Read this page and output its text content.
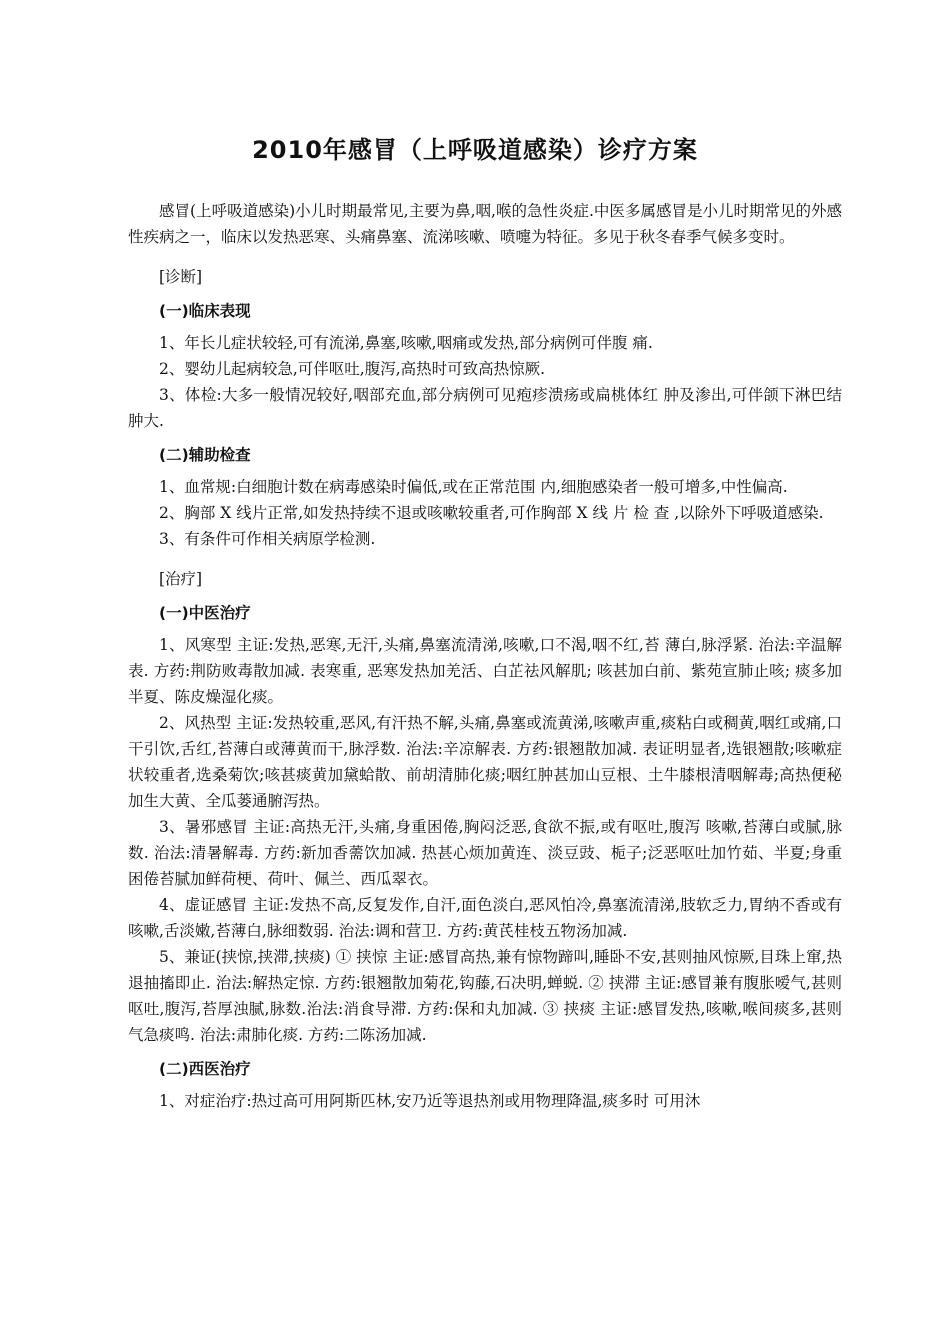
2010年感冒（上呼吸道感染）诊疗方案

感冒(上呼吸道感染)小儿时期最常见,主要为鼻,咽,喉的急性炎症.中医多属感冒是小儿时期常见的外感性疾病之一，临床以发热恶寒、头痛鼻塞、流涕咳嗽、喷嚏为特征。多见于秋冬春季气候多变时。

[诊断]

(一)临床表现

1、年长儿症状较轻,可有流涕,鼻塞,咳嗽,咽痛或发热,部分病例可伴腹 痛.

2、婴幼儿起病较急,可伴呕吐,腹泻,高热时可致高热惊厥.

3、体检:大多一般情况较好,咽部充血,部分病例可见疱疹溃疡或扁桃体红 肿及渗出,可伴颌下淋巴结肿大.

(二)辅助检查

1、血常规:白细胞计数在病毒感染时偏低,或在正常范围 内,细胞感染者一般可增多,中性偏高.

2、胸部 X 线片正常,如发热持续不退或咳嗽较重者,可作胸部 X 线 片 检 查 ,以除外下呼吸道感染.

3、有条件可作相关病原学检测.

[治疗]

(一)中医治疗

1、风寒型 主证:发热,恶寒,无汗,头痛,鼻塞流清涕,咳嗽,口不渴,咽不红,苔 薄白,脉浮紧. 治法:辛温解表. 方药:荆防败毒散加减. 表寒重, 恶寒发热加羌活、白芷祛风解肌; 咳甚加白前、紫苑宣肺止咳; 痰多加半夏、陈皮燥湿化痰。

2、风热型 主证:发热较重,恶风,有汗热不解,头痛,鼻塞或流黄涕,咳嗽声重,痰粘白或稠黄,咽红或痛,口干引饮,舌红,苔薄白或薄黄而干,脉浮数. 治法:辛凉解表. 方药:银翘散加减. 表证明显者,选银翘散;咳嗽症状较重者,选桑菊饮;咳甚痰黄加黛蛤散、前胡清肺化痰;咽红肿甚加山豆根、土牛膝根清咽解毒;高热便秘加生大黄、全瓜蒌通腑泻热。

3、暑邪感冒 主证:高热无汗,头痛,身重困倦,胸闷泛恶,食欲不振,或有呕吐,腹泻 咳嗽,苔薄白或腻,脉数. 治法:清暑解毒. 方药:新加香薷饮加减. 热甚心烦加黄连、淡豆豉、栀子;泛恶呕吐加竹茹、半夏;身重困倦苔腻加鲜荷梗、荷叶、佩兰、西瓜翠衣。

4、虚证感冒 主证:发热不高,反复发作,自汗,面色淡白,恶风怕冷,鼻塞流清涕,肢软乏力,胃纳不香或有咳嗽,舌淡嫩,苔薄白,脉细数弱. 治法:调和营卫. 方药:黄芪桂枝五物汤加减.

5、兼证(挟惊,挟滞,挟痰) ① 挟惊 主证:感冒高热,兼有惊物蹄叫,睡卧不安,甚则抽风惊厥,目珠上窜,热 退抽搐即止. 治法:解热定惊. 方药:银翘散加菊花,钩藤,石决明,蝉蜕. ② 挟滞 主证:感冒兼有腹胀嗳气,甚则呕吐,腹泻,苔厚浊腻,脉数.治法:消食导滞. 方药:保和丸加减. ③ 挟痰 主证:感冒发热,咳嗽,喉间痰多,甚则气急痰鸣. 治法:肃肺化痰. 方药:二陈汤加减.

(二)西医治疗

1、对症治疗:热过高可用阿斯匹林,安乃近等退热剂或用物理降温,痰多时 可用沐
